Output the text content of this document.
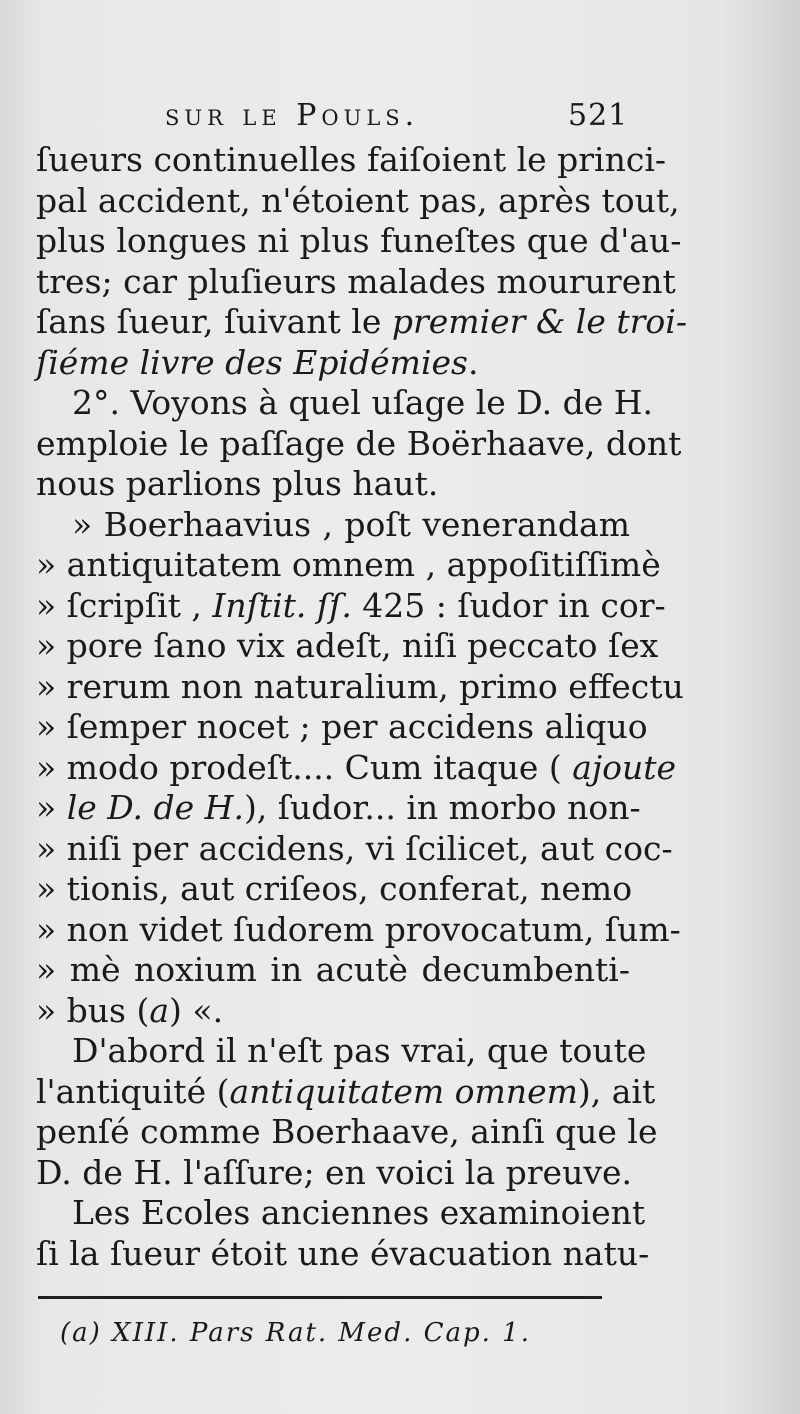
sur le Pouls.	521
ſueurs continuelles faiſoient le princi-
pal accident, n'étoient pas, après tout,
plus longues ni plus funeſtes que d'au-
tres; car pluſieurs malades moururent
ſans ſueur, ſuivant le premier & le troi-
ſiéme livre des Epidémies.
2°. Voyons à quel uſage le D. de H.
emploie le paſſage de Boërhaave, dont
nous parlions plus haut.
» Boerhaavius , poſt venerandam
» antiquitatem omnem , appoſitiſſimè
» ſcripſit , Inſtit. ſſ. 425 : ſudor in cor-
» pore ſano vix adeſt, niſi peccato ſex
» rerum non naturalium, primo effectu
» ſemper nocet ; per accidens aliquo
» modo prodeſt.... Cum itaque ( ajoute
» le D. de H.), ſudor... in morbo non-
» niſi per accidens, vi ſcilicet, aut coc-
» tionis, aut criſeos, conferat, nemo
» non videt ſudorem provocatum, ſum-
» mè noxium in acutè decumbenti-
» bus (a) «.
D'abord il n'eſt pas vrai, que toute
l'antiquité (antiquitatem omnem), ait
penſé comme Boerhaave, ainſi que le
D. de H. l'aſſure; en voici la preuve.
Les Ecoles anciennes examinoient
ſi la ſueur étoit une évacuation natu-
(a) XIII. Pars Rat. Med. Cap. 1.
